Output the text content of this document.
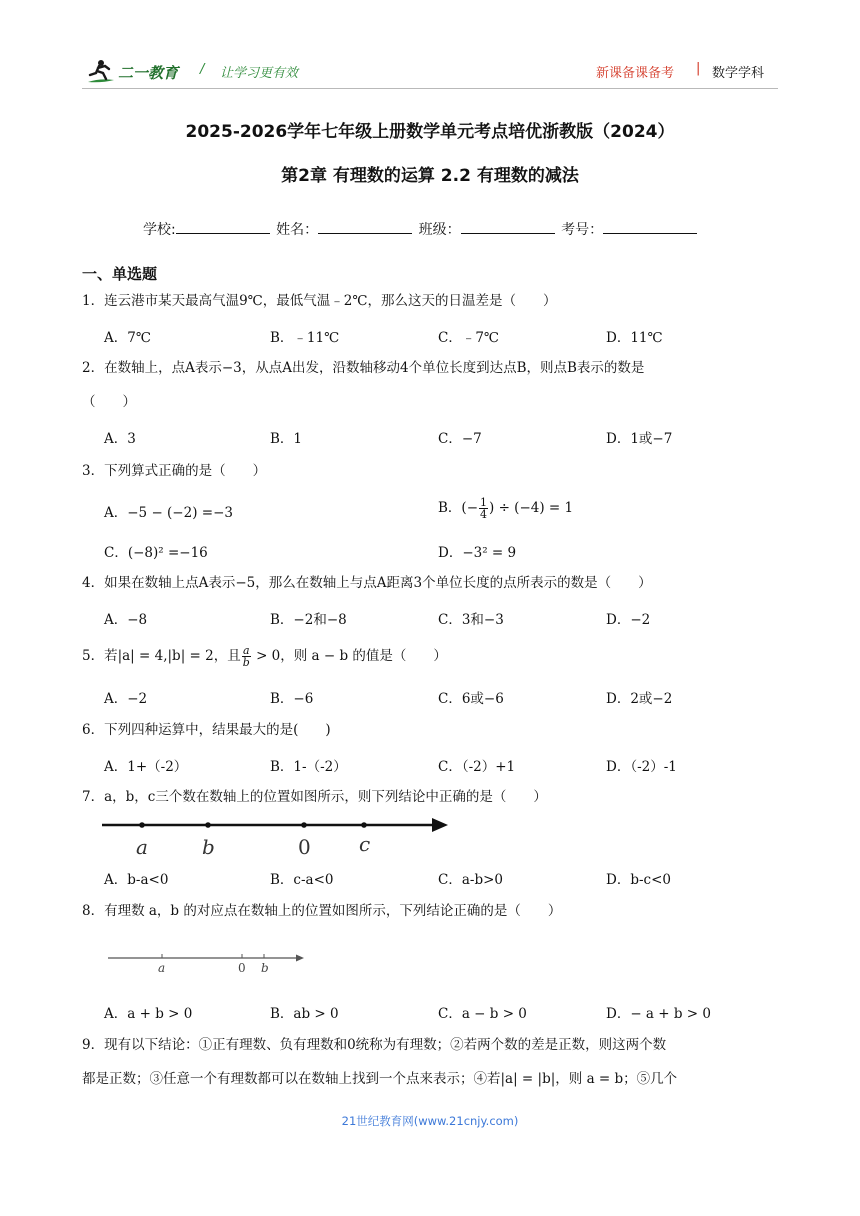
二一教育 / 让学习更有效	新课备课备考 | 数学学科
2025-2026学年七年级上册数学单元考点培优浙教版（2024）
第2章 有理数的运算 2.2 有理数的减法
学校:	姓名：	班级：	考号：
一、单选题
1．连云港市某天最高气温9℃，最低气温﹣2℃，那么这天的日温差是（　　）
A．7℃	B．﹣11℃	C．﹣7℃	D．11℃
2．在数轴上，点A表示−3，从点A出发，沿数轴移动4个单位长度到达点B，则点B表示的数是
（　　）
A．3	B．1	C．−7	D．1或−7
3．下列算式正确的是（　　）
A．−5 − (−2) =−3	B．(− $\frac{1}{4}$ ) ÷ (−4) = 1
C．(−8)² =−16	D．−3² = 9
4．如果在数轴上点A表示−5，那么在数轴上与点A距离3个单位长度的点所表示的数是（　　）
A．−8	B．−2和−8	C．3和−3	D．−2
5．若|a| = 4,|b| = 2，且 $\frac{a}{b} > 0$，则 a − b 的值是（　　）
A．−2	B．−6	C．6或−6	D．2或−2
6．下列四种运算中，结果最大的是(　　)
A．1+（-2）	B．1-（-2）	C．（-2）+1	D．（-2）-1
7．a，b，c三个数在数轴上的位置如图所示，则下列结论中正确的是（　　）
a	b	0 c
A．b-a<0	B．c-a<0	C．a-b>0	D．b-c<0
8．有理数 a，b 的对应点在数轴上的位置如图所示，下列结论正确的是（　　）
a	0 b
A．a + b > 0	B．ab > 0	C．a − b > 0	D．− a + b > 0
9．现有以下结论：①正有理数、负有理数和0统称为有理数；②若两个数的差是正数，则这两个数
都是正数；③任意一个有理数都可以在数轴上找到一个点来表示；④若|a| = |b|，则 a = b；⑤几个
21世纪教育网(www.21cnjy.com)
